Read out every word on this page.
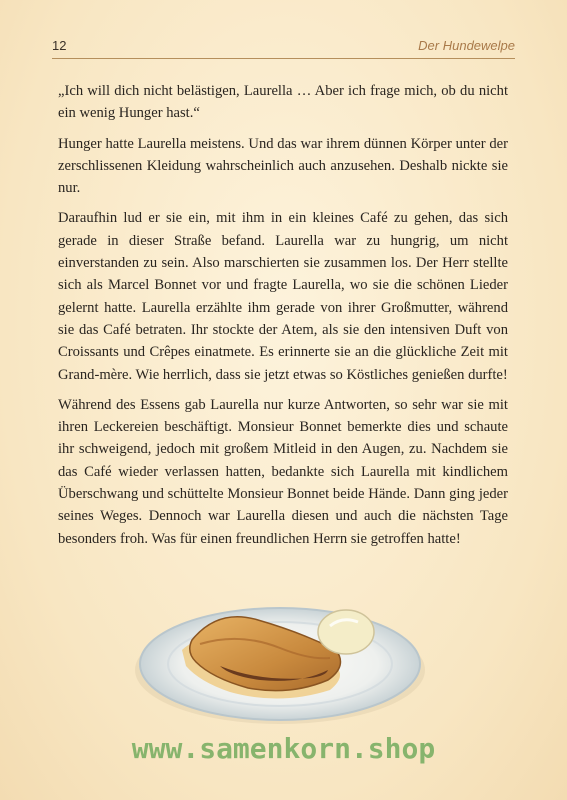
12	Der Hundewelpe

„Ich will dich nicht belästigen, Laurella … Aber ich frage mich, ob du nicht ein wenig Hunger hast.“

Hunger hatte Laurella meistens. Und das war ihrem dünnen Körper unter der zerschlissenen Kleidung wahrscheinlich auch anzusehen. Deshalb nickte sie nur.

Daraufhin lud er sie ein, mit ihm in ein kleines Café zu gehen, das sich gerade in dieser Straße befand. Laurella war zu hungrig, um nicht einverstanden zu sein. Also marschierten sie zusammen los. Der Herr stellte sich als Marcel Bonnet vor und fragte Laurella, wo sie die schönen Lieder gelernt hatte. Laurella erzählte ihm gerade von ihrer Großmutter, während sie das Café betraten. Ihr stockte der Atem, als sie den intensiven Duft von Croissants und Crêpes einatmete. Es erinnerte sie an die glückliche Zeit mit Grand-mère. Wie herrlich, dass sie jetzt etwas so Köstliches genießen durfte!

Während des Essens gab Laurella nur kurze Antworten, so sehr war sie mit ihren Leckereien beschäftigt. Monsieur Bonnet bemerkte dies und schaute ihr schweigend, jedoch mit großem Mitleid in den Augen, zu. Nachdem sie das Café wieder verlassen hatten, bedankte sich Laurella mit kindlichem Überschwang und schüttelte Monsieur Bonnet beide Hände. Dann ging jeder seines Weges. Dennoch war Laurella diesen und auch die nächsten Tage besonders froh. Was für einen freundlichen Herrn sie getroffen hatte!

www.samenkorn.shop
